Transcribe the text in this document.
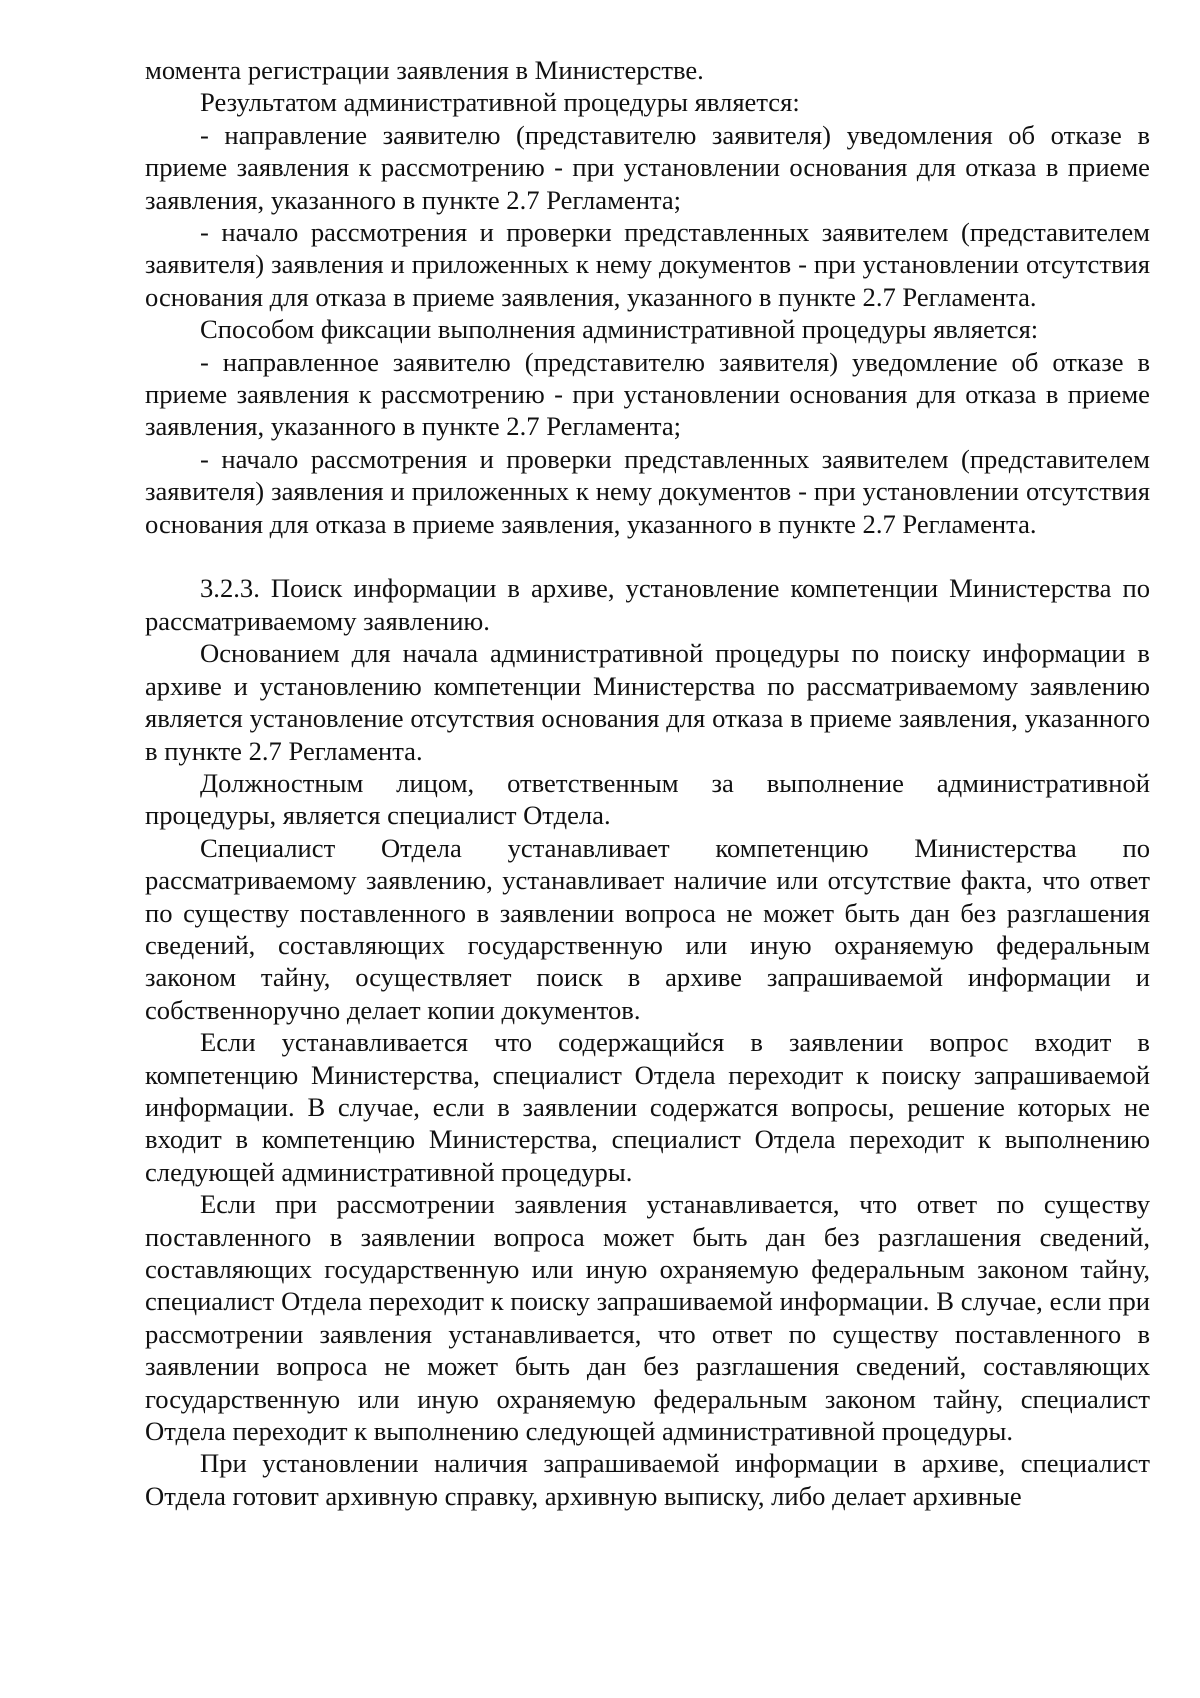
момента регистрации заявления в Министерстве.

Результатом административной процедуры является:

- направление заявителю (представителю заявителя) уведомления об отказе в приеме заявления к рассмотрению - при установлении основания для отказа в приеме заявления, указанного в пункте 2.7 Регламента;

- начало рассмотрения и проверки представленных заявителем (представителем заявителя) заявления и приложенных к нему документов - при установлении отсутствия основания для отказа в приеме заявления, указанного в пункте 2.7 Регламента.

Способом фиксации выполнения административной процедуры является:

- направленное заявителю (представителю заявителя) уведомление об отказе в приеме заявления к рассмотрению - при установлении основания для отказа в приеме заявления, указанного в пункте 2.7 Регламента;

- начало рассмотрения и проверки представленных заявителем (представителем заявителя) заявления и приложенных к нему документов - при установлении отсутствия основания для отказа в приеме заявления, указанного в пункте 2.7 Регламента.

3.2.3. Поиск информации в архиве, установление компетенции Министерства по рассматриваемому заявлению.

Основанием для начала административной процедуры по поиску информации в архиве и установлению компетенции Министерства по рассматриваемому заявлению является установление отсутствия основания для отказа в приеме заявления, указанного в пункте 2.7 Регламента.

Должностным лицом, ответственным за выполнение административной процедуры, является специалист Отдела.

Специалист Отдела устанавливает компетенцию Министерства по рассматриваемому заявлению, устанавливает наличие или отсутствие факта, что ответ по существу поставленного в заявлении вопроса не может быть дан без разглашения сведений, составляющих государственную или иную охраняемую федеральным законом тайну, осуществляет поиск в архиве запрашиваемой информации и собственноручно делает копии документов.

Если устанавливается что содержащийся в заявлении вопрос входит в компетенцию Министерства, специалист Отдела переходит к поиску запрашиваемой информации. В случае, если в заявлении содержатся вопросы, решение которых не входит в компетенцию Министерства, специалист Отдела переходит к выполнению следующей административной процедуры.

Если при рассмотрении заявления устанавливается, что ответ по существу поставленного в заявлении вопроса может быть дан без разглашения сведений, составляющих государственную или иную охраняемую федеральным законом тайну, специалист Отдела переходит к поиску запрашиваемой информации. В случае, если при рассмотрении заявления устанавливается, что ответ по существу поставленного в заявлении вопроса не может быть дан без разглашения сведений, составляющих государственную или иную охраняемую федеральным законом тайну, специалист Отдела переходит к выполнению следующей административной процедуры.

При установлении наличия запрашиваемой информации в архиве, специалист Отдела готовит архивную справку, архивную выписку, либо делает архивные
